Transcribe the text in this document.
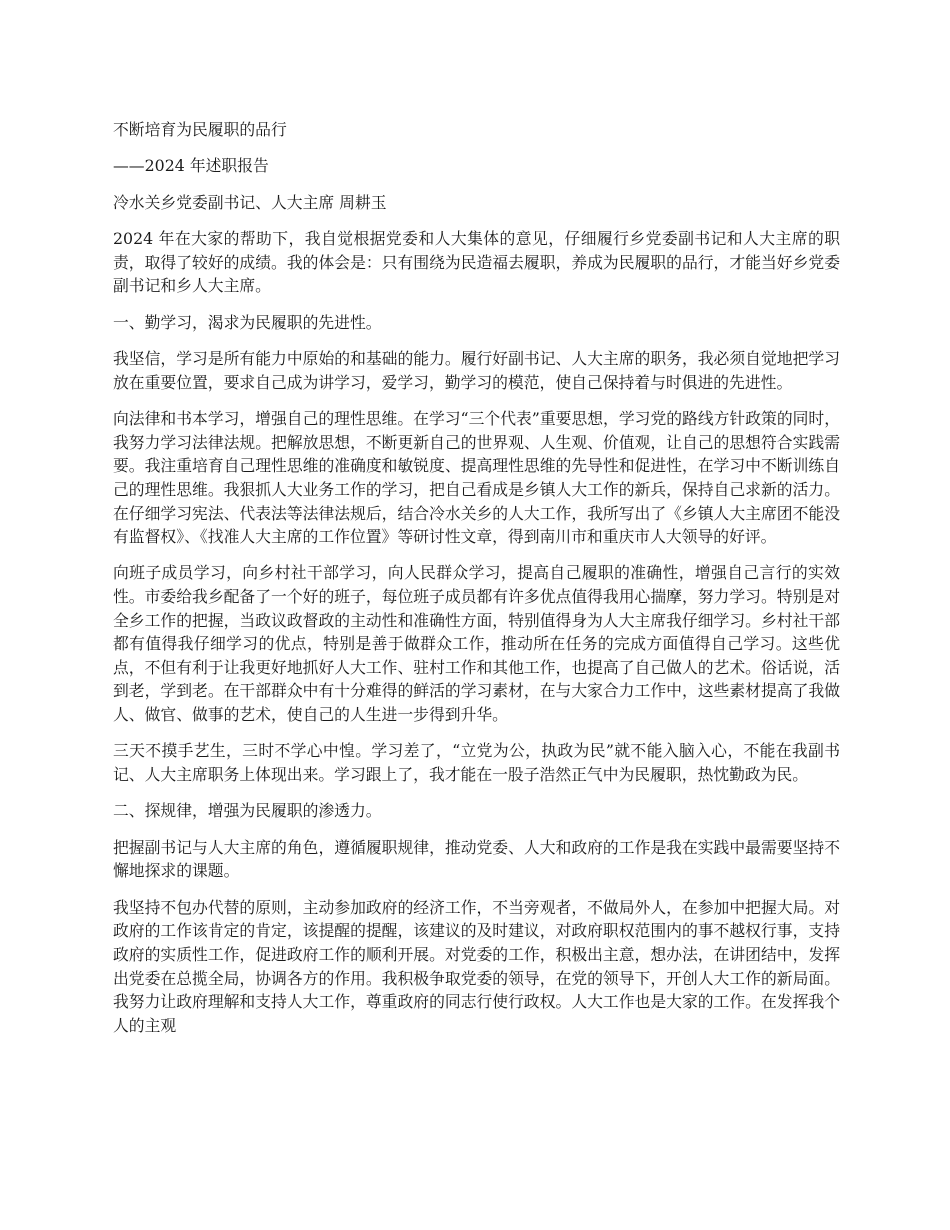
不断培育为民履职的品行

——2024 年述职报告

冷水关乡党委副书记、人大主席 周耕玉

2024 年在大家的帮助下，我自觉根据党委和人大集体的意见，仔细履行乡党委副书记和人大主席的职责，取得了较好的成绩。我的体会是：只有围绕为民造福去履职，养成为民履职的品行，才能当好乡党委副书记和乡人大主席。

一、勤学习，渴求为民履职的先进性。

我坚信，学习是所有能力中原始的和基础的能力。履行好副书记、人大主席的职务，我必须自觉地把学习放在重要位置，要求自己成为讲学习，爱学习，勤学习的模范，使自己保持着与时俱进的先进性。

向法律和书本学习，增强自己的理性思维。在学习“三个代表”重要思想，学习党的路线方针政策的同时，我努力学习法律法规。把解放思想，不断更新自己的世界观、人生观、价值观，让自己的思想符合实践需要。我注重培育自己理性思维的准确度和敏锐度、提高理性思维的先导性和促进性，在学习中不断训练自己的理性思维。我狠抓人大业务工作的学习，把自己看成是乡镇人大工作的新兵，保持自己求新的活力。在仔细学习宪法、代表法等法律法规后，结合冷水关乡的人大工作，我所写出了《乡镇人大主席团不能没有监督权》、《找准人大主席的工作位置》等研讨性文章，得到南川市和重庆市人大领导的好评。

向班子成员学习，向乡村社干部学习，向人民群众学习，提高自己履职的准确性，增强自己言行的实效性。市委给我乡配备了一个好的班子，每位班子成员都有许多优点值得我用心揣摩，努力学习。特别是对全乡工作的把握，当政议政督政的主动性和准确性方面，特别值得身为人大主席我仔细学习。乡村社干部都有值得我仔细学习的优点，特别是善于做群众工作，推动所在任务的完成方面值得自己学习。这些优点，不但有利于让我更好地抓好人大工作、驻村工作和其他工作，也提高了自己做人的艺术。俗话说，活到老，学到老。在干部群众中有十分难得的鲜活的学习素材，在与大家合力工作中，这些素材提高了我做人、做官、做事的艺术，使自己的人生进一步得到升华。

三天不摸手艺生，三时不学心中惶。学习差了，“立党为公，执政为民”就不能入脑入心，不能在我副书记、人大主席职务上体现出来。学习跟上了，我才能在一股子浩然正气中为民履职，热忱勤政为民。

二、探规律，增强为民履职的渗透力。

把握副书记与人大主席的角色，遵循履职规律，推动党委、人大和政府的工作是我在实践中最需要坚持不懈地探求的课题。

我坚持不包办代替的原则，主动参加政府的经济工作，不当旁观者，不做局外人，在参加中把握大局。对政府的工作该肯定的肯定，该提醒的提醒，该建议的及时建议，对政府职权范围内的事不越权行事，支持政府的实质性工作，促进政府工作的顺利开展。对党委的工作，积极出主意，想办法，在讲团结中，发挥出党委在总揽全局，协调各方的作用。我积极争取党委的领导，在党的领导下，开创人大工作的新局面。我努力让政府理解和支持人大工作，尊重政府的同志行使行政权。人大工作也是大家的工作。在发挥我个人的主观
